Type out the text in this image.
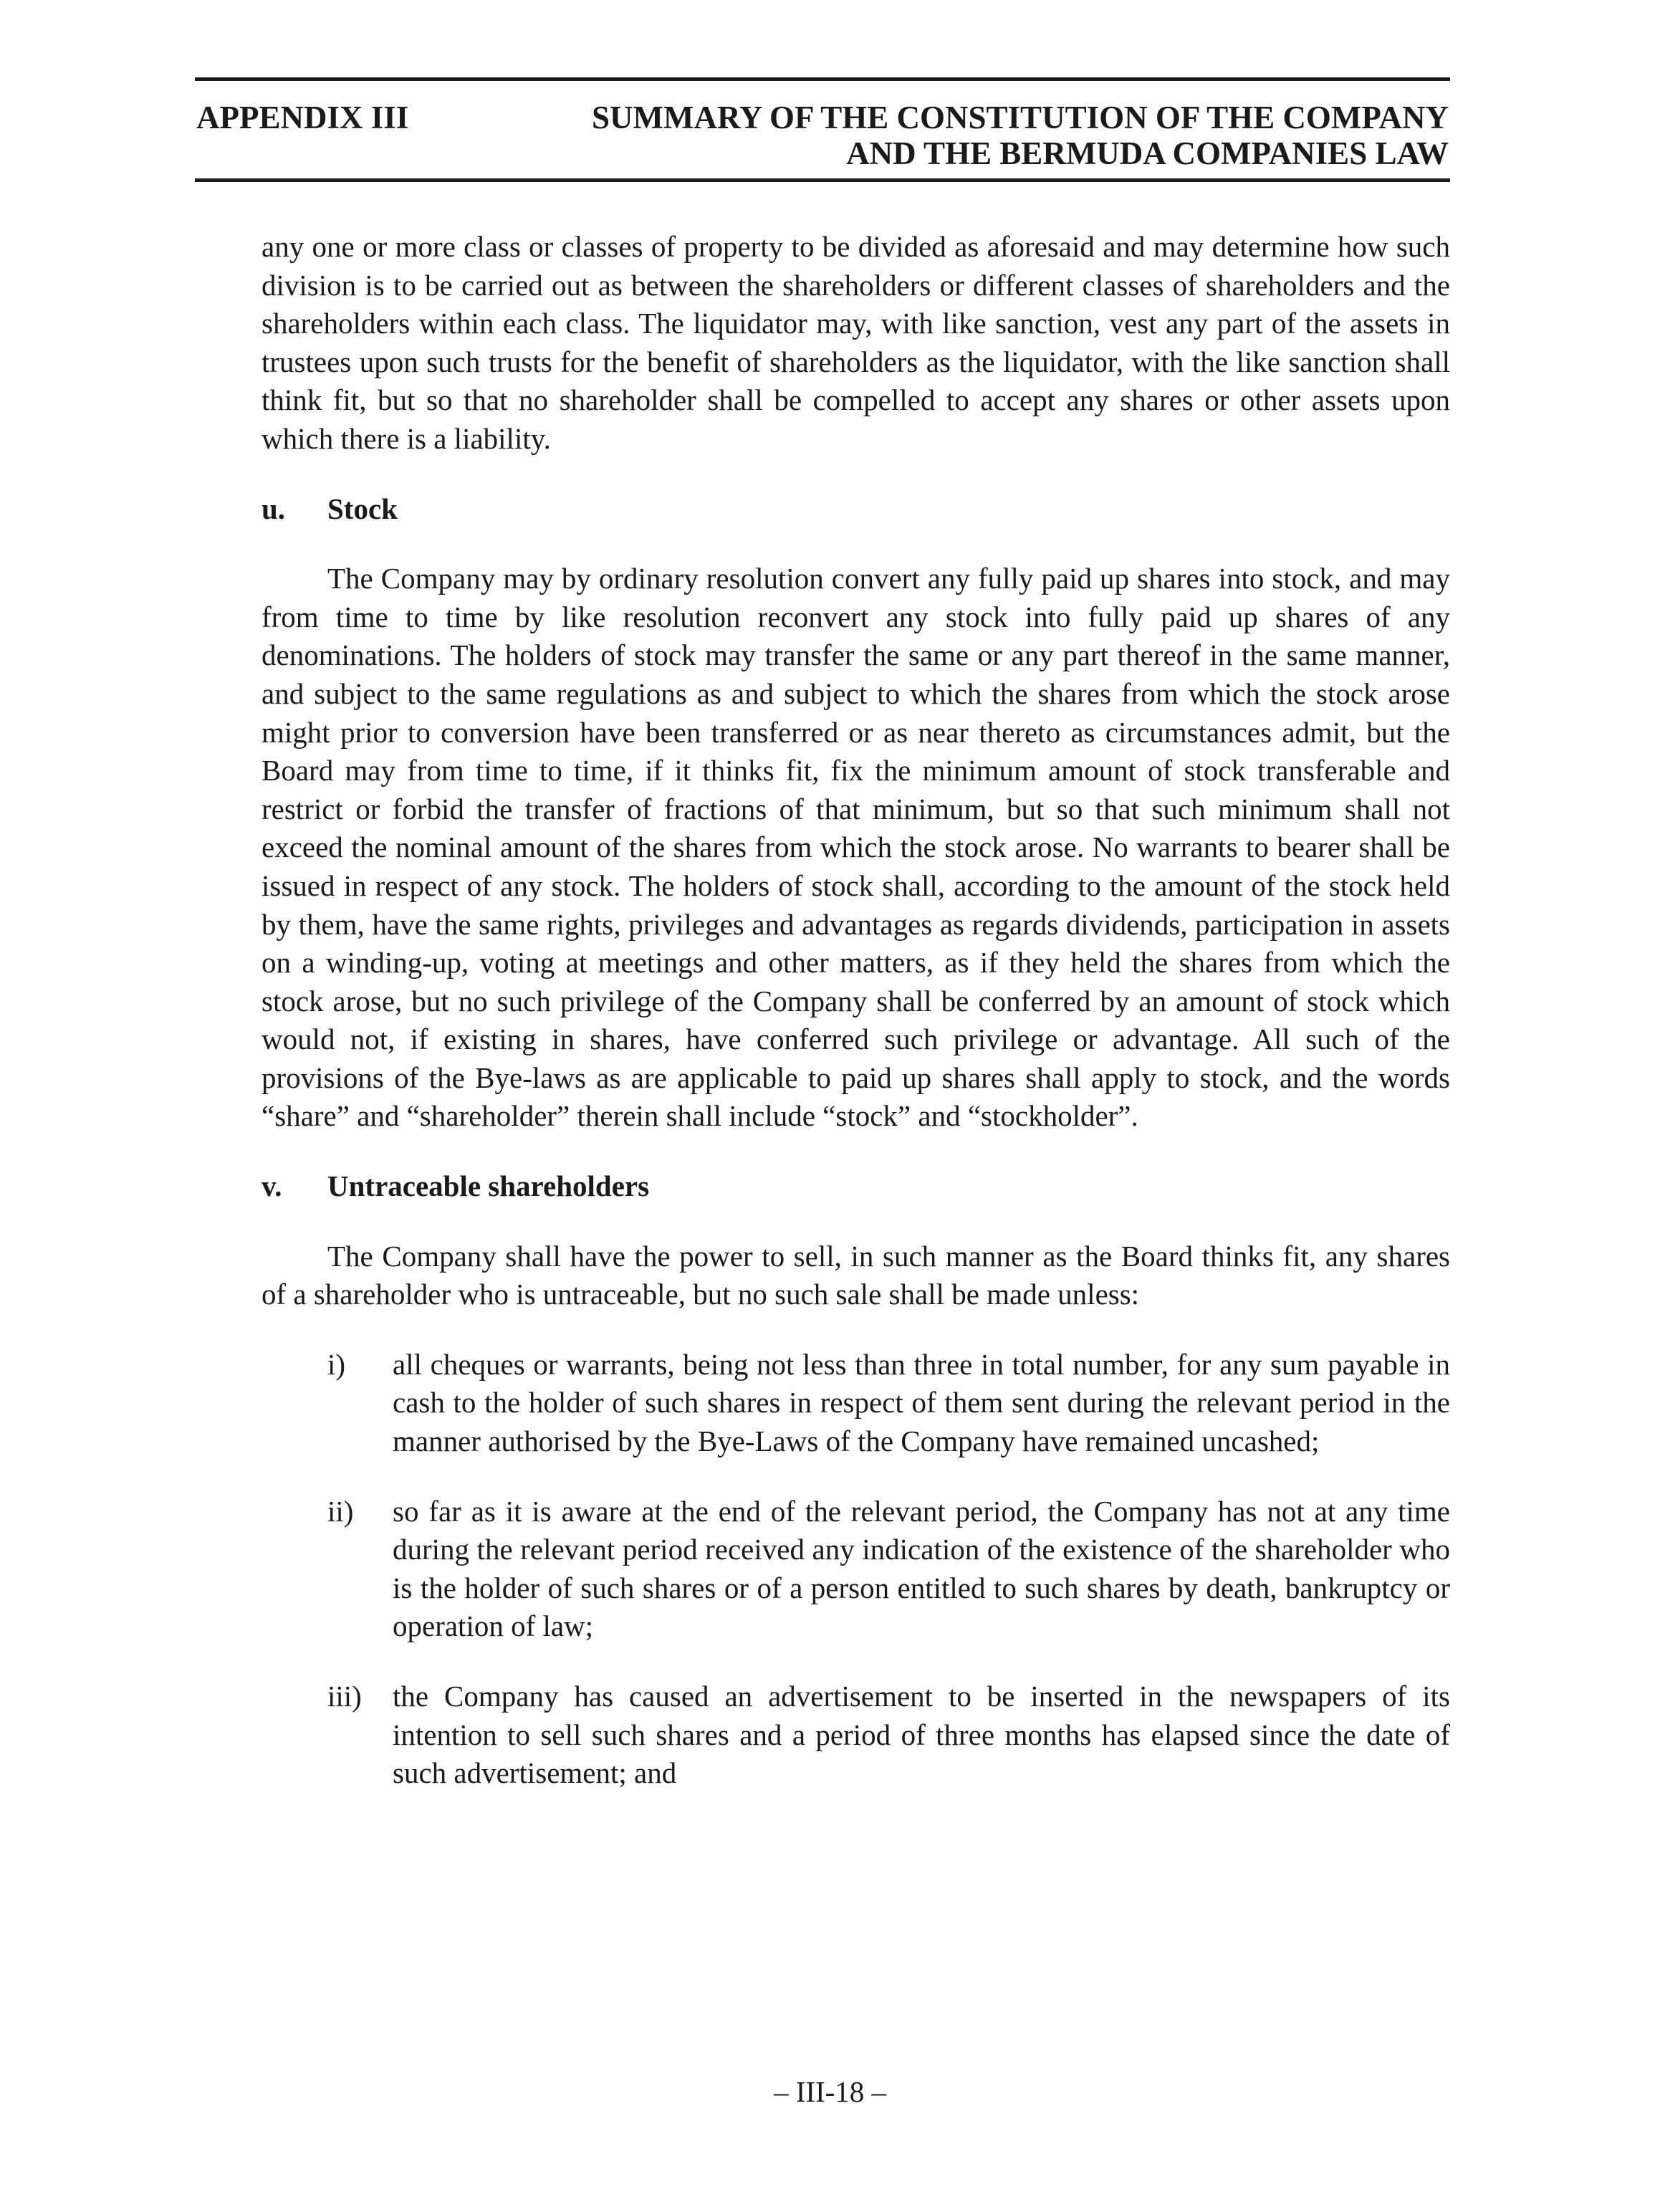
APPENDIX III	SUMMARY OF THE CONSTITUTION OF THE COMPANY
AND THE BERMUDA COMPANIES LAW

any one or more class or classes of property to be divided as aforesaid and may determine how such division is to be carried out as between the shareholders or different classes of shareholders and the shareholders within each class. The liquidator may, with like sanction, vest any part of the assets in trustees upon such trusts for the benefit of shareholders as the liquidator, with the like sanction shall think fit, but so that no shareholder shall be compelled to accept any shares or other assets upon which there is a liability.

u.	Stock

The Company may by ordinary resolution convert any fully paid up shares into stock, and may from time to time by like resolution reconvert any stock into fully paid up shares of any denominations. The holders of stock may transfer the same or any part thereof in the same manner, and subject to the same regulations as and subject to which the shares from which the stock arose might prior to conversion have been transferred or as near thereto as circumstances admit, but the Board may from time to time, if it thinks fit, fix the minimum amount of stock transferable and restrict or forbid the transfer of fractions of that minimum, but so that such minimum shall not exceed the nominal amount of the shares from which the stock arose. No warrants to bearer shall be issued in respect of any stock. The holders of stock shall, according to the amount of the stock held by them, have the same rights, privileges and advantages as regards dividends, participation in assets on a winding-up, voting at meetings and other matters, as if they held the shares from which the stock arose, but no such privilege of the Company shall be conferred by an amount of stock which would not, if existing in shares, have conferred such privilege or advantage. All such of the provisions of the Bye-laws as are applicable to paid up shares shall apply to stock, and the words “share” and “shareholder” therein shall include “stock” and “stockholder”.

v.	Untraceable shareholders

The Company shall have the power to sell, in such manner as the Board thinks fit, any shares of a shareholder who is untraceable, but no such sale shall be made unless:

i)	all cheques or warrants, being not less than three in total number, for any sum payable in cash to the holder of such shares in respect of them sent during the relevant period in the manner authorised by the Bye-Laws of the Company have remained uncashed;
ii)	so far as it is aware at the end of the relevant period, the Company has not at any time during the relevant period received any indication of the existence of the shareholder who is the holder of such shares or of a person entitled to such shares by death, bankruptcy or operation of law;
iii)	the Company has caused an advertisement to be inserted in the newspapers of its intention to sell such shares and a period of three months has elapsed since the date of such advertisement; and
– III-18 –
